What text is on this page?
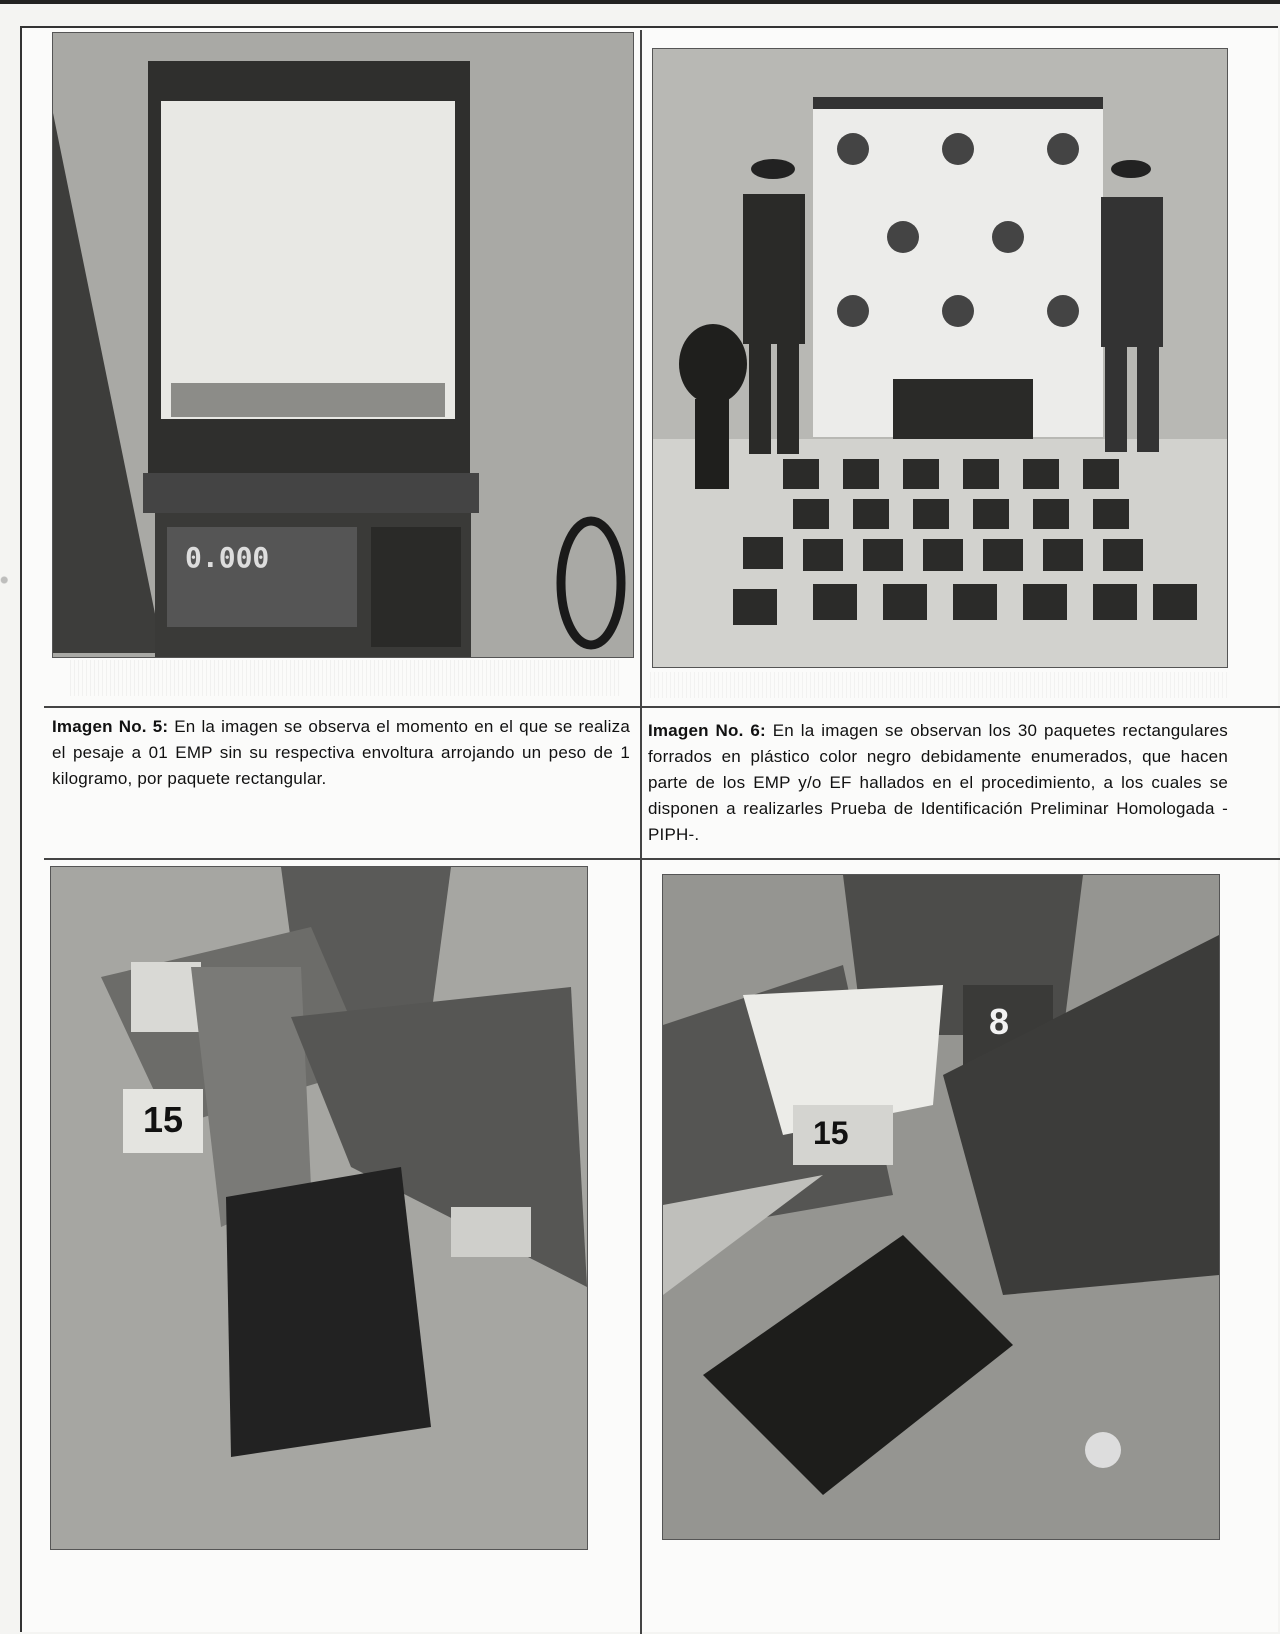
0.000
Imagen No. 5: En la imagen se observa el momento en el que se realiza el pesaje a 01 EMP sin su respectiva envoltura arrojando un peso de 1 kilogramo, por paquete rectangular.
Imagen No. 6: En la imagen se observan los 30 paquetes rectangulares forrados en plástico color negro debidamente enumerados, que hacen parte de los EMP y/o EF hallados en el procedimiento, a los cuales se disponen a realizarles Prueba de Identificación Preliminar Homologada -PIPH-.
15	15
8
